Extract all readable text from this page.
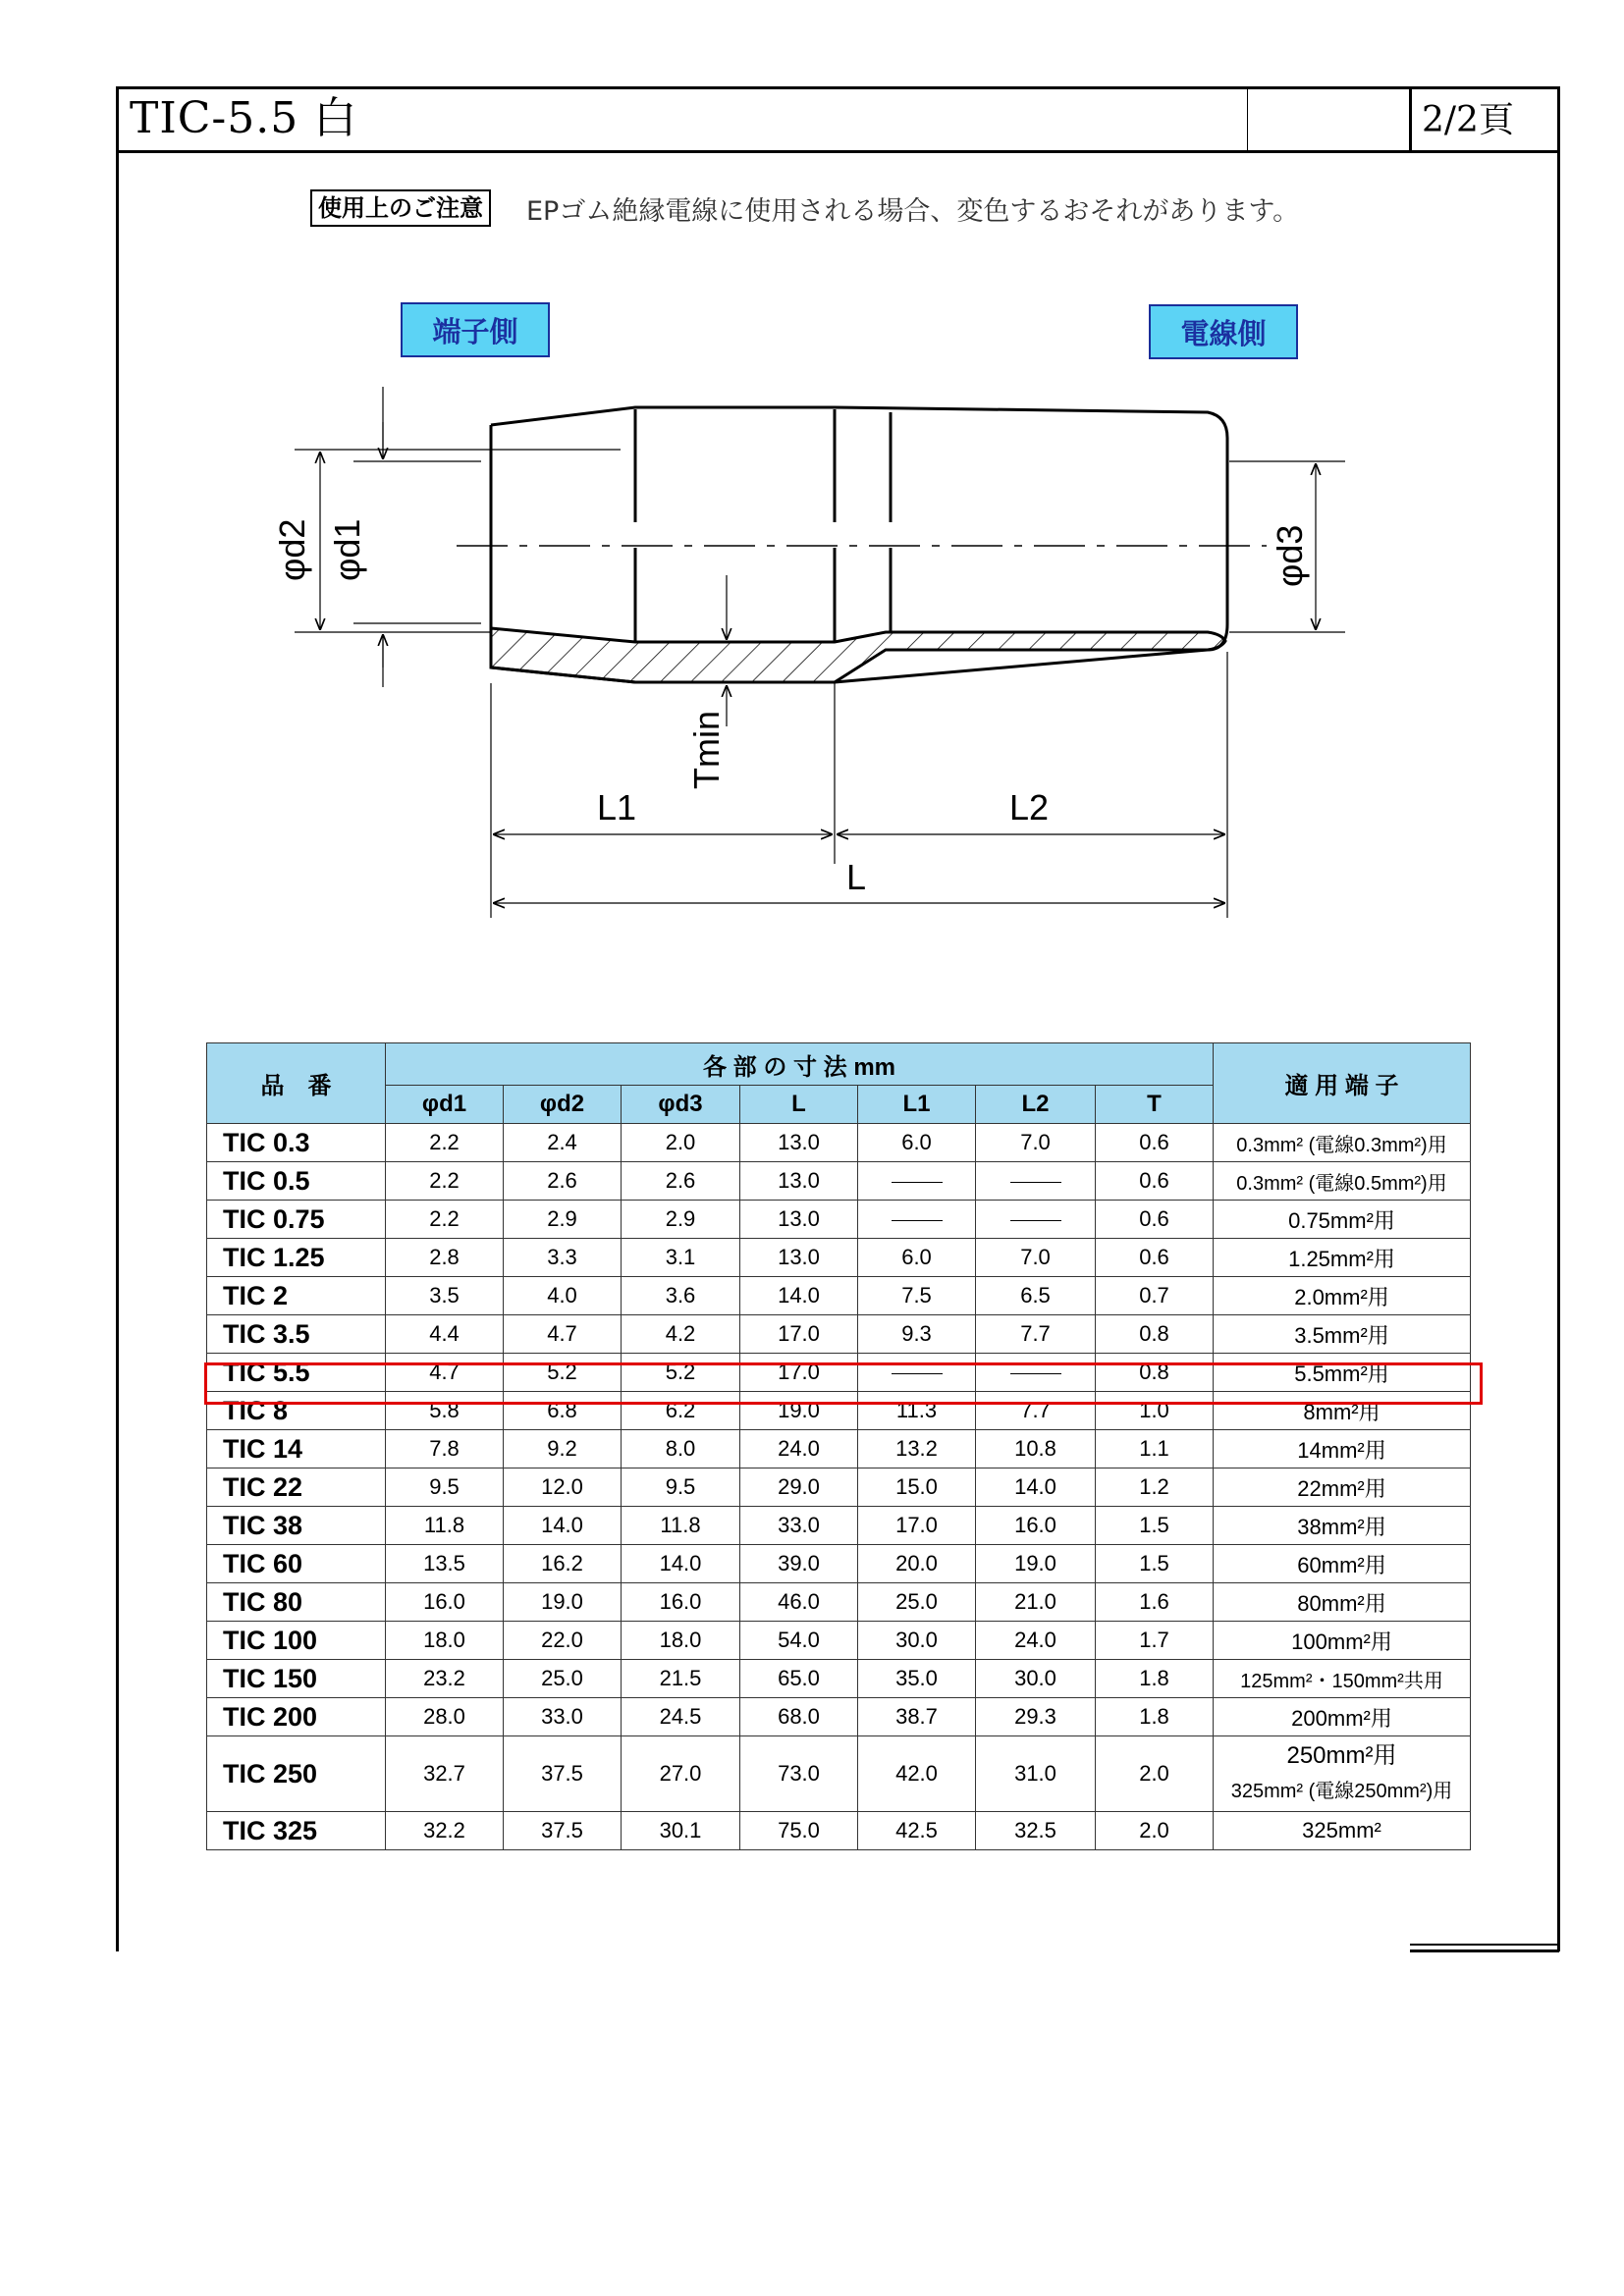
TIC-5.5 白	2/2頁
使用上のご注意 EPゴム絶縁電線に使用される場合、変色するおそれがあります。
端子側	電線側
φd2 φd1	φd3
Tmin
L1	L2
L
品　番	各 部 の 寸 法 mm							適 用 端 子
	φd1	φd2	φd3	L	L1	L2	T	
TIC 0.3	2.2	2.4	2.0	13.0	6.0	7.0	0.6	0.3mm² (電線0.3mm²)用
TIC 0.5	2.2	2.6	2.6	13.0			0.6	0.3mm² (電線0.5mm²)用
TIC 0.75	2.2	2.9	2.9	13.0			0.6	0.75mm²用
TIC 1.25	2.8	3.3	3.1	13.0	6.0	7.0	0.6	1.25mm²用
TIC 2	3.5	4.0	3.6	14.0	7.5	6.5	0.7	2.0mm²用
TIC 3.5	4.4	4.7	4.2	17.0	9.3	7.7	0.8	3.5mm²用
TIC 5.5	4.7	5.2	5.2	17.0			0.8	5.5mm²用
TIC 8	5.8	6.8	6.2	19.0	11.3	7.7	1.0	8mm²用
TIC 14	7.8	9.2	8.0	24.0	13.2	10.8	1.1	14mm²用
TIC 22	9.5	12.0	9.5	29.0	15.0	14.0	1.2	22mm²用
TIC 38	11.8	14.0	11.8	33.0	17.0	16.0	1.5	38mm²用
TIC 60	13.5	16.2	14.0	39.0	20.0	19.0	1.5	60mm²用
TIC 80	16.0	19.0	16.0	46.0	25.0	21.0	1.6	80mm²用
TIC 100	18.0	22.0	18.0	54.0	30.0	24.0	1.7	100mm²用
TIC 150	23.2	25.0	21.5	65.0	35.0	30.0	1.8	125mm²・150mm²共用
TIC 200	28.0	33.0	24.5	68.0	38.7	29.3	1.8	200mm²用
TIC 250	32.7	37.5	27.0	73.0	42.0	31.0	2.0	250mm²用
325mm² (電線250mm²)用

TIC 325	32.2	37.5	30.1	75.0	42.5	32.5	2.0	325mm²
